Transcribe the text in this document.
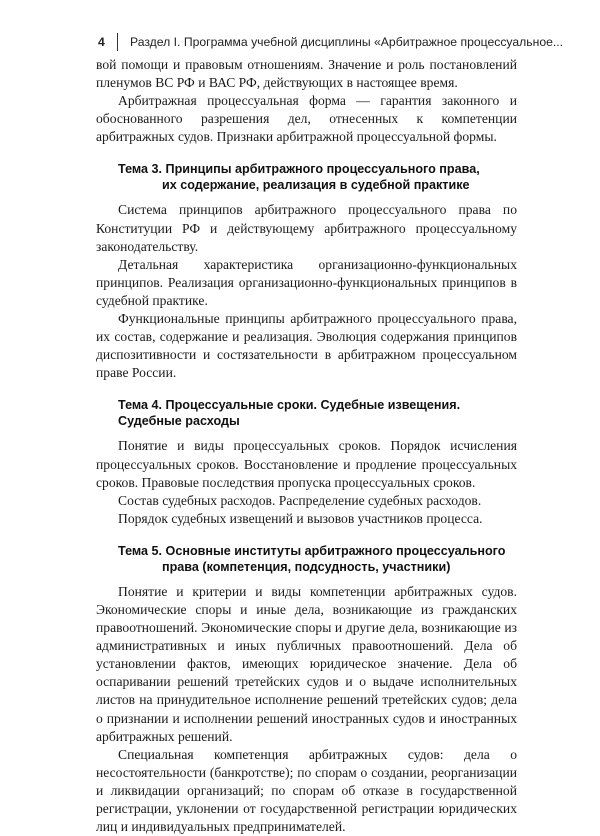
4 Раздел I. Программа учебной дисциплины «Арбитражное процессуальное...

вой помощи и правовым отношениям. Значение и роль постановлений пленумов ВС РФ и ВАС РФ, действующих в настоящее время.

Арбитражная процессуальная форма — гарантия законного и обоснованного разрешения дел, отнесенных к компетенции арбитражных судов. Признаки арбитражной процессуальной формы.

Тема 3. Принципы арбитражного процессуального права,
их содержание, реализация в судебной практике

Система принципов арбитражного процессуального права по Конституции РФ и действующему арбитражного процессуальному законодательству.

Детальная характеристика организационно-функциональных принципов. Реализация организационно-функциональных принципов в судебной практике.

Функциональные принципы арбитражного процессуального права, их состав, содержание и реализация. Эволюция содержания принципов диспозитивности и состязательности в арбитражном процессуальном праве России.

Тема 4. Процессуальные сроки. Судебные извещения.
Судебные расходы

Понятие и виды процессуальных сроков. Порядок исчисления процессуальных сроков. Восстановление и продление процессуальных сроков. Правовые последствия пропуска процессуальных сроков.

Состав судебных расходов. Распределение судебных расходов.

Порядок судебных извещений и вызовов участников процесса.

Тема 5. Основные институты арбитражного процессуального
права (компетенция, подсудность, участники)

Понятие и критерии и виды компетенции арбитражных судов. Экономические споры и иные дела, возникающие из гражданских правоотношений. Экономические споры и другие дела, возникающие из административных и иных публичных правоотношений. Дела об установлении фактов, имеющих юридическое значение. Дела об оспаривании решений третейских судов и о выдаче исполнительных листов на принудительное исполнение решений третейских судов; дела о признании и исполнении решений иностранных судов и иностранных арбитражных решений.

Специальная компетенция арбитражных судов: дела о несостоятельности (банкротстве); по спорам о создании, реорганизации и ликвидации организаций; по спорам об отказе в государственной регистрации, уклонении от государственной регистрации юридических лиц и индивидуальных предпринимателей.
